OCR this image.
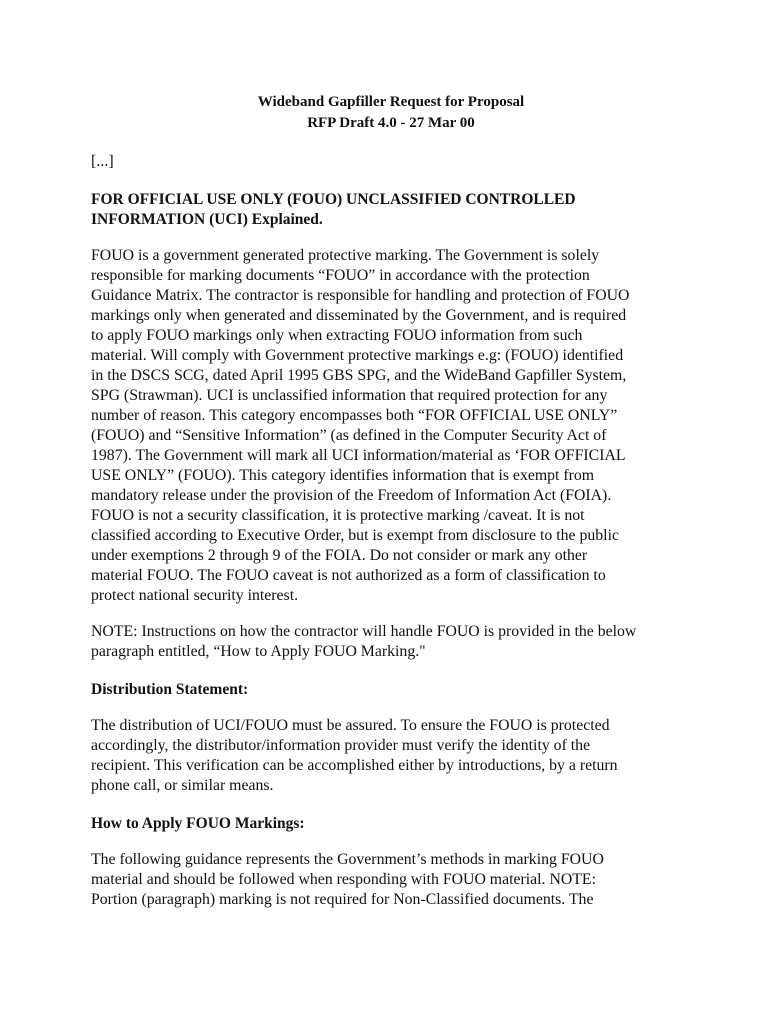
Wideband Gapfiller Request for Proposal
RFP Draft 4.0 - 27 Mar 00
[...]
FOR OFFICIAL USE ONLY (FOUO) UNCLASSIFIED CONTROLLED
INFORMATION (UCI) Explained.

FOUO is a government generated protective marking. The Government is solely
responsible for marking documents “FOUO” in accordance with the protection
Guidance Matrix. The contractor is responsible for handling and protection of FOUO
markings only when generated and disseminated by the Government, and is required
to apply FOUO markings only when extracting FOUO information from such
material. Will comply with Government protective markings e.g: (FOUO) identified
in the DSCS SCG, dated April 1995 GBS SPG, and the WideBand Gapfiller System,
SPG (Strawman). UCI is unclassified information that required protection for any
number of reason. This category encompasses both “FOR OFFICIAL USE ONLY”
(FOUO) and “Sensitive Information” (as defined in the Computer Security Act of
1987). The Government will mark all UCI information/material as ‘FOR OFFICIAL
USE ONLY” (FOUO). This category identifies information that is exempt from
mandatory release under the provision of the Freedom of Information Act (FOIA).
FOUO is not a security classification, it is protective marking /caveat. It is not
classified according to Executive Order, but is exempt from disclosure to the public
under exemptions 2 through 9 of the FOIA. Do not consider or mark any other
material FOUO. The FOUO caveat is not authorized as a form of classification to
protect national security interest.

NOTE: Instructions on how the contractor will handle FOUO is provided in the below
paragraph entitled, “How to Apply FOUO Marking."

Distribution Statement:

The distribution of UCI/FOUO must be assured. To ensure the FOUO is protected
accordingly, the distributor/information provider must verify the identity of the
recipient. This verification can be accomplished either by introductions, by a return
phone call, or similar means.

How to Apply FOUO Markings:

The following guidance represents the Government’s methods in marking FOUO
material and should be followed when responding with FOUO material. NOTE:
Portion (paragraph) marking is not required for Non-Classified documents. The
